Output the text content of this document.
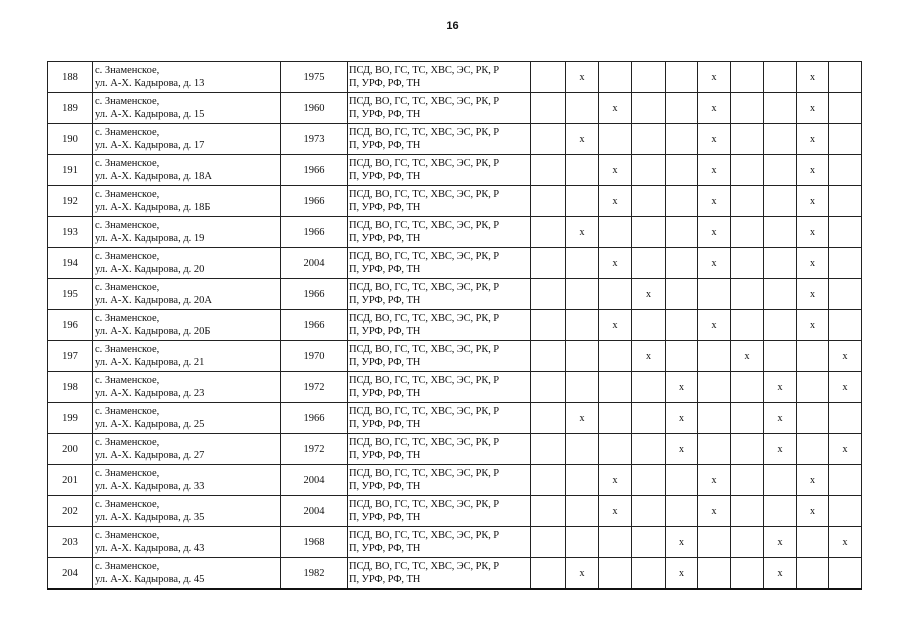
16
188	с. Знаменское,
ул. А-Х. Кадырова, д. 13	1975	ПСД, ВО, ГС, ТС, ХВС, ЭС, РК, Р
П, УРФ, РФ, ТН		x				x			x	
189	с. Знаменское,
ул. А-Х. Кадырова, д. 15	1960	ПСД, ВО, ГС, ТС, ХВС, ЭС, РК, Р
П, УРФ, РФ, ТН			x			x			x	
190	с. Знаменское,
ул. А-Х. Кадырова, д. 17	1973	ПСД, ВО, ГС, ТС, ХВС, ЭС, РК, Р
П, УРФ, РФ, ТН		x				x			x	
191	с. Знаменское,
ул. А-Х. Кадырова, д. 18А	1966	ПСД, ВО, ГС, ТС, ХВС, ЭС, РК, Р
П, УРФ, РФ, ТН			x			x			x	
192	с. Знаменское,
ул. А-Х. Кадырова, д. 18Б	1966	ПСД, ВО, ГС, ТС, ХВС, ЭС, РК, Р
П, УРФ, РФ, ТН			x			x			x	
193	с. Знаменское,
ул. А-Х. Кадырова, д. 19	1966	ПСД, ВО, ГС, ТС, ХВС, ЭС, РК, Р
П, УРФ, РФ, ТН		x				x			x	
194	с. Знаменское,
ул. А-Х. Кадырова, д. 20	2004	ПСД, ВО, ГС, ТС, ХВС, ЭС, РК, Р
П, УРФ, РФ, ТН			x			x			x	
195	с. Знаменское,
ул. А-Х. Кадырова, д. 20А	1966	ПСД, ВО, ГС, ТС, ХВС, ЭС, РК, Р
П, УРФ, РФ, ТН				x					x	
196	с. Знаменское,
ул. А-Х. Кадырова, д. 20Б	1966	ПСД, ВО, ГС, ТС, ХВС, ЭС, РК, Р
П, УРФ, РФ, ТН			x			x			x	
197	с. Знаменское,
ул. А-Х. Кадырова, д. 21	1970	ПСД, ВО, ГС, ТС, ХВС, ЭС, РК, Р
П, УРФ, РФ, ТН				x			x			x
198	с. Знаменское,
ул. А-Х. Кадырова, д. 23	1972	ПСД, ВО, ГС, ТС, ХВС, ЭС, РК, Р
П, УРФ, РФ, ТН					x			x		x
199	с. Знаменское,
ул. А-Х. Кадырова, д. 25	1966	ПСД, ВО, ГС, ТС, ХВС, ЭС, РК, Р
П, УРФ, РФ, ТН		x			x			x		
200	с. Знаменское,
ул. А-Х. Кадырова, д. 27	1972	ПСД, ВО, ГС, ТС, ХВС, ЭС, РК, Р
П, УРФ, РФ, ТН					x			x		x
201	с. Знаменское,
ул. А-Х. Кадырова, д. 33	2004	ПСД, ВО, ГС, ТС, ХВС, ЭС, РК, Р
П, УРФ, РФ, ТН			x			x			x	
202	с. Знаменское,
ул. А-Х. Кадырова, д. 35	2004	ПСД, ВО, ГС, ТС, ХВС, ЭС, РК, Р
П, УРФ, РФ, ТН			x			x			x	
203	с. Знаменское,
ул. А-Х. Кадырова, д. 43	1968	ПСД, ВО, ГС, ТС, ХВС, ЭС, РК, Р
П, УРФ, РФ, ТН					x			x		x
204	с. Знаменское,
ул. А-Х. Кадырова, д. 45	1982	ПСД, ВО, ГС, ТС, ХВС, ЭС, РК, Р
П, УРФ, РФ, ТН		x			x			x		
